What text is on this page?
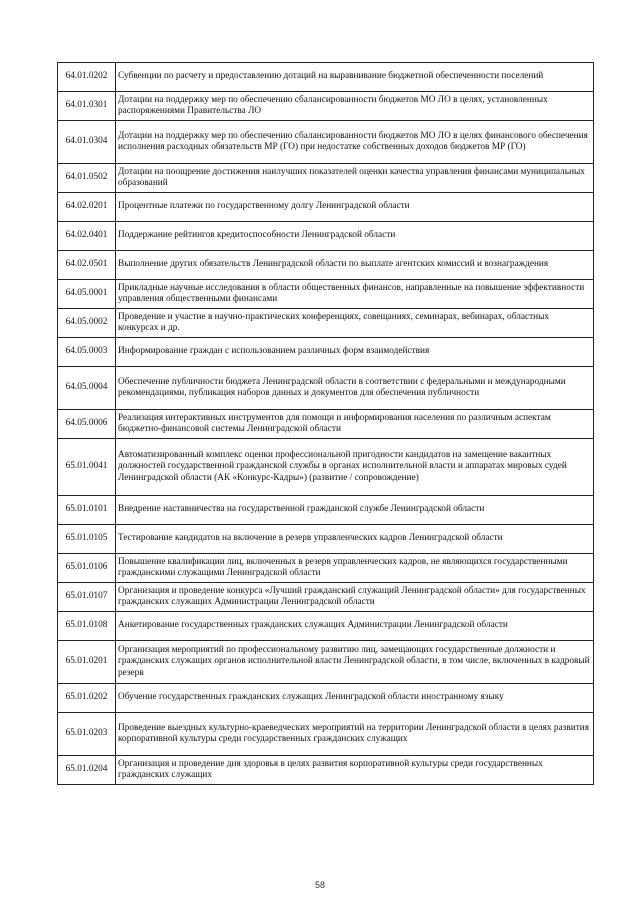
64.01.0202	Субвенции по расчету и предоставлению дотаций на выравнивание бюджетной обеспеченности поселений
64.01.0301	Дотации на поддержку мер по обеспечению сбалансированности бюджетов МО ЛО в целях, установленных распоряжениями Правительства ЛО
64.01.0304	Дотации на поддержку мер по обеспечению сбалансированности бюджетов МО ЛО в целях финансового обеспечения исполнения расходных обязательств МР (ГО) при недостатке собственных доходов бюджетов МР (ГО)
64.01.0502	Дотации на поощрение достижения наилучших показателей оценки качества управления финансами муниципальных образований
64.02.0201	Процентные платежи по государственному долгу Ленинградской области
64.02.0401	Поддержание рейтингов кредитоспособности Ленинградской области
64.02.0501	Выполнение других обязательств Ленинградской области по выплате агентских комиссий и вознаграждения
64.05.0001	Прикладные научные исследования в области общественных финансов, направленные на повышение эффективности управления общественными финансами
64.05.0002	Проведение и участие в научно-практических конференциях, совещаниях, семинарах, вебинарах, областных конкурсах и др.
64.05.0003	Информирование граждан с использованием различных форм взаимодействия
64.05.0004	Обеспечение публичности бюджета Ленинградской области в соответствии с федеральными и международными рекомендациями, публикация наборов данных и документов для обеспечения публичности
64.05.0006	Реализация интерактивных инструментов для помощи и информирования населения по различным аспектам бюджетно-финансовой системы Ленинградской области
65.01.0041	Автоматизированный комплекс оценки профессиональной пригодности кандидатов на замещение вакантных должностей государственной гражданской службы в органах исполнительной власти и аппаратах мировых судей Ленинградской области (АК «Конкурс-Кадры») (развитие / сопровождение)
65.01.0101	Внедрение наставничества на государственной гражданской службе Ленинградской области
65.01.0105	Тестирование кандидатов на включение в резерв управленческих кадров Ленинградской области
65.01.0106	Повышение квалификации лиц, включенных в резерв управленческих кадров, не являющихся государственными гражданскими служащими Ленинградской области
65.01.0107	Организация и проведение конкурса «Лучший гражданский служащий Ленинградской области» для государственных гражданских служащих Администрации Ленинградской области
65.01.0108	Анкетирование государственных гражданских служащих Администрации Ленинградской области
65.01.0201	Организация мероприятий по профессиональному развитию лиц, замещающих государственные должности и гражданских служащих органов исполнительной власти Ленинградской области, в том числе, включенных в кадровый резерв
65.01.0202	Обучение государственных гражданских служащих Ленинградской области иностранному языку
65.01.0203	Проведение выездных культурно-краеведческих мероприятий на территории Ленинградской области в целях развития корпоративной культуры среди государственных гражданских служащих
65.01.0204	Организация и проведение дня здоровья в целях развития корпоративной культуры среди государственных гражданских служащих
58
